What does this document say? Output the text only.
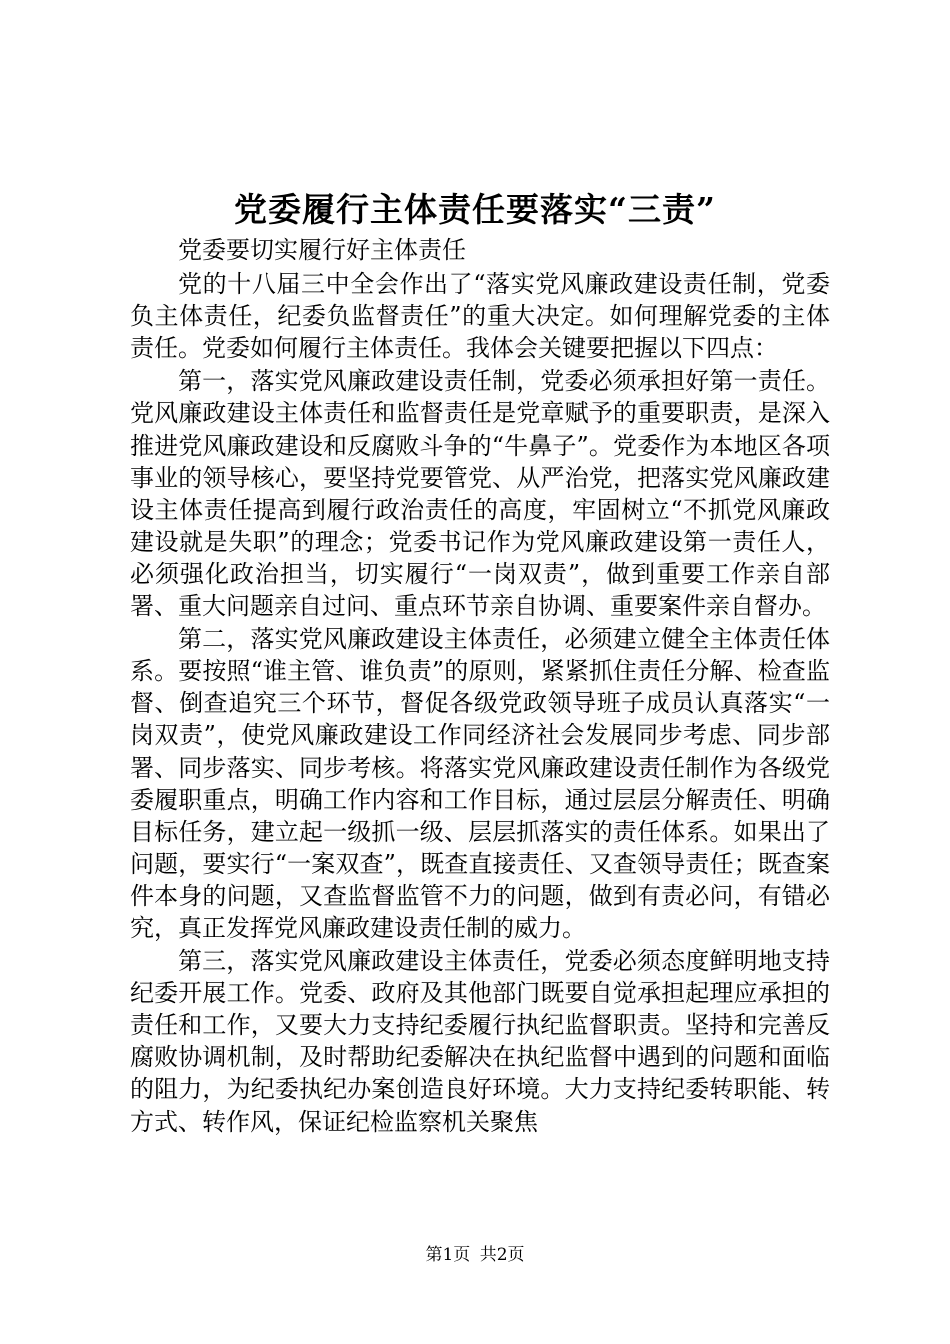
党委履行主体责任要落实“三责”

党委要切实履行好主体责任

党的十八届三中全会作出了“落实党风廉政建设责任制，党委负主体责任，纪委负监督责任”的重大决定。如何理解党委的主体责任。党委如何履行主体责任。我体会关键要把握以下四点：

第一，落实党风廉政建设责任制，党委必须承担好第一责任。党风廉政建设主体责任和监督责任是党章赋予的重要职责，是深入推进党风廉政建设和反腐败斗争的“牛鼻子”。党委作为本地区各项事业的领导核心，要坚持党要管党、从严治党，把落实党风廉政建设主体责任提高到履行政治责任的高度，牢固树立“不抓党风廉政建设就是失职”的理念；党委书记作为党风廉政建设第一责任人，必须强化政治担当，切实履行“一岗双责”，做到重要工作亲自部署、重大问题亲自过问、重点环节亲自协调、重要案件亲自督办。

第二，落实党风廉政建设主体责任，必须建立健全主体责任体系。要按照“谁主管、谁负责”的原则，紧紧抓住责任分解、检查监督、倒查追究三个环节，督促各级党政领导班子成员认真落实“一岗双责”，使党风廉政建设工作同经济社会发展同步考虑、同步部署、同步落实、同步考核。将落实党风廉政建设责任制作为各级党委履职重点，明确工作内容和工作目标，通过层层分解责任、明确目标任务，建立起一级抓一级、层层抓落实的责任体系。如果出了问题，要实行“一案双查”，既查直接责任、又查领导责任；既查案件本身的问题，又查监督监管不力的问题，做到有责必问，有错必究，真正发挥党风廉政建设责任制的威力。

第三，落实党风廉政建设主体责任，党委必须态度鲜明地支持纪委开展工作。党委、政府及其他部门既要自觉承担起理应承担的责任和工作，又要大力支持纪委履行执纪监督职责。坚持和完善反腐败协调机制，及时帮助纪委解决在执纪监督中遇到的问题和面临的阻力，为纪委执纪办案创造良好环境。大力支持纪委转职能、转方式、转作风，保证纪检监察机关聚焦

第1页 共2页
